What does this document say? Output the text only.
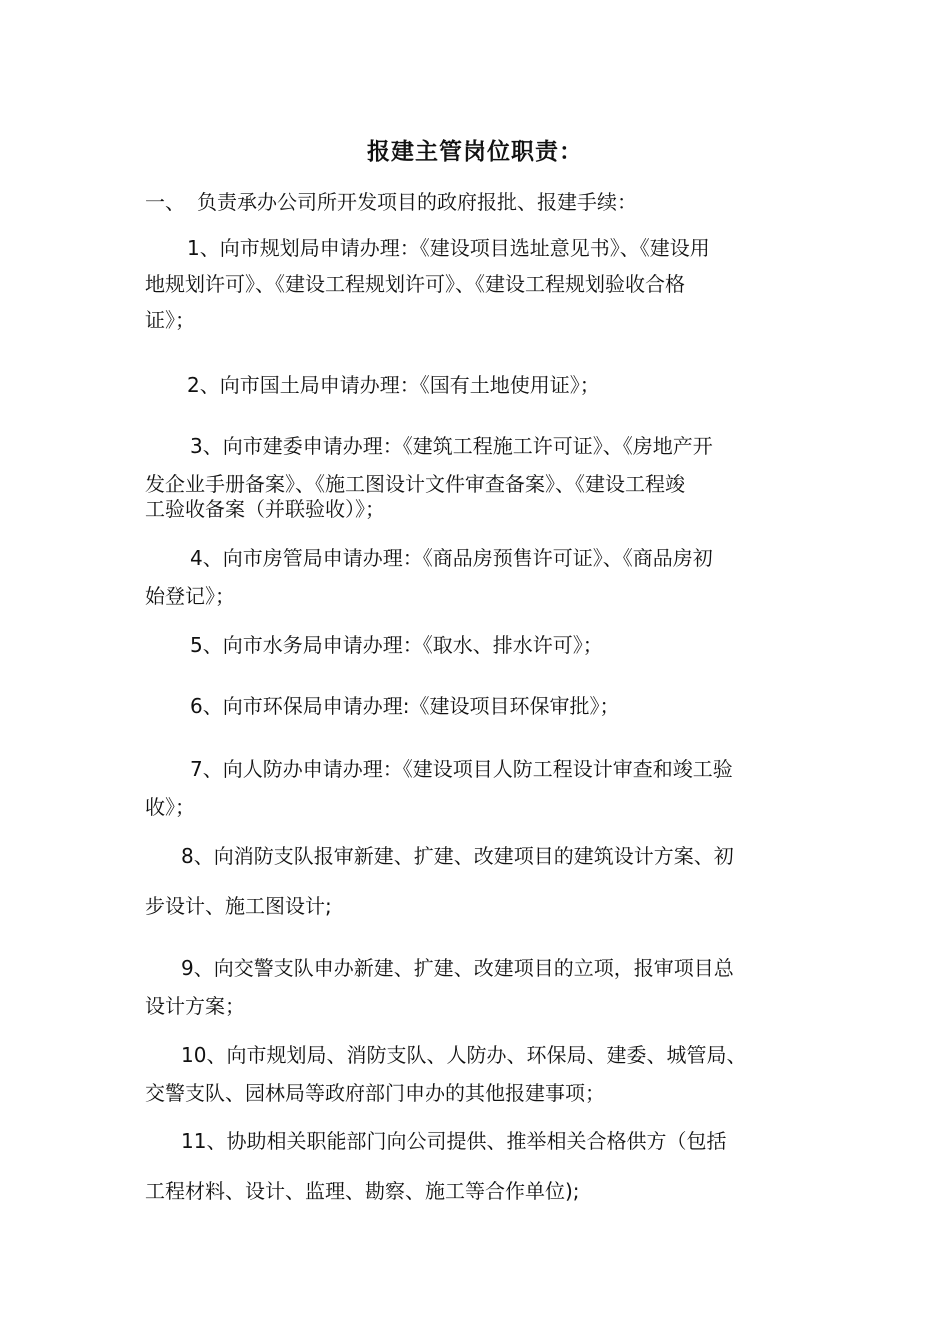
报建主管岗位职责：
一、 负责承办公司所开发项目的政府报批、报建手续：
1、向市规划局申请办理：《建设项目选址意见书》、《建设用
地规划许可》、《建设工程规划许可》、《建设工程规划验收合格
证》；
2、向市国土局申请办理：《国有土地使用证》；
3、向市建委申请办理：《建筑工程施工许可证》、《房地产开
发企业手册备案》、《施工图设计文件审查备案》、《建设工程竣
工验收备案（并联验收）》；
4、向市房管局申请办理：《商品房预售许可证》、《商品房初
始登记》；
5、向市水务局申请办理：《取水、排水许可》；
6、向市环保局申请办理:《建设项目环保审批》；
7、向人防办申请办理：《建设项目人防工程设计审查和竣工验
收》；
8、向消防支队报审新建、扩建、改建项目的建筑设计方案、初
步设计、施工图设计;
9、向交警支队申办新建、扩建、改建项目的立项，报审项目总
设计方案；
10、向市规划局、消防支队、人防办、环保局、建委、城管局、
交警支队、园林局等政府部门申办的其他报建事项；
11、协助相关职能部门向公司提供、推举相关合格供方（包括
工程材料、设计、监理、勘察、施工等合作单位);
